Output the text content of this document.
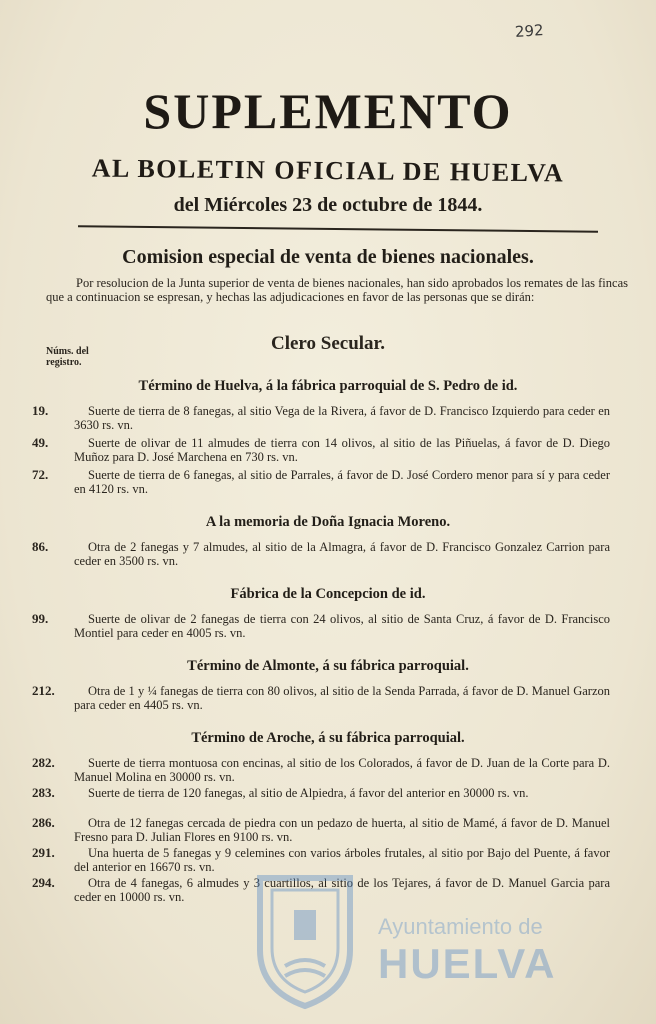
292
SUPLEMENTO
AL BOLETIN OFICIAL DE HUELVA
del Miércoles 23 de octubre de 1844.
Comision especial de venta de bienes nacionales.
Por resolucion de la Junta superior de venta de bienes nacionales, han sido aprobados los remates de las fincas que a continuacion se espresan, y hechas las adjudicaciones en favor de las personas que se dirán:
Clero Secular.
Núms. del registro.
Término de Huelva, á la fábrica parroquial de S. Pedro de id.
19.	Suerte de tierra de 8 fanegas, al sitio Vega de la Rivera, á favor de D. Francisco Izquierdo para ceder en 3630 rs. vn.
49.	Suerte de olivar de 11 almudes de tierra con 14 olivos, al sitio de las Piñuelas, á favor de D. Diego Muñoz para D. José Marchena en 730 rs. vn.
72.	Suerte de tierra de 6 fanegas, al sitio de Parrales, á favor de D. José Cordero menor para sí y para ceder en 4120 rs. vn.
A la memoria de Doña Ignacia Moreno.
86.	Otra de 2 fanegas y 7 almudes, al sitio de la Almagra, á favor de D. Francisco Gonzalez Carrion para ceder en 3500 rs. vn.
Fábrica de la Concepcion de id.
99.	Suerte de olivar de 2 fanegas de tierra con 24 olivos, al sitio de Santa Cruz, á favor de D. Francisco Montiel para ceder en 4005 rs. vn.
Término de Almonte, á su fábrica parroquial.
212.	Otra de 1 y ¼ fanegas de tierra con 80 olivos, al sitio de la Senda Parrada, á favor de D. Manuel Garzon para ceder en 4405 rs. vn.
Término de Aroche, á su fábrica parroquial.
282.	Suerte de tierra montuosa con encinas, al sitio de los Colorados, á favor de D. Juan de la Corte para D. Manuel Molina en 30000 rs. vn.
283.	Suerte de tierra de 120 fanegas, al sitio de Alpiedra, á favor del anterior en 30000 rs. vn.
286.	Otra de 12 fanegas cercada de piedra con un pedazo de huerta, al sitio de Mamé, á favor de D. Manuel Fresno para D. Julian Flores en 9100 rs. vn.
291.	Una huerta de 5 fanegas y 9 celemines con varios árboles frutales, al sitio por Bajo del Puente, á favor del anterior en 16670 rs. vn.
294.	Otra de 4 fanegas, 6 almudes y 3 cuartillos, al sitio de los Tejares, á favor de D. Manuel Garcia para ceder en 10000 rs. vn.
Ayuntamiento de
HUELVA
